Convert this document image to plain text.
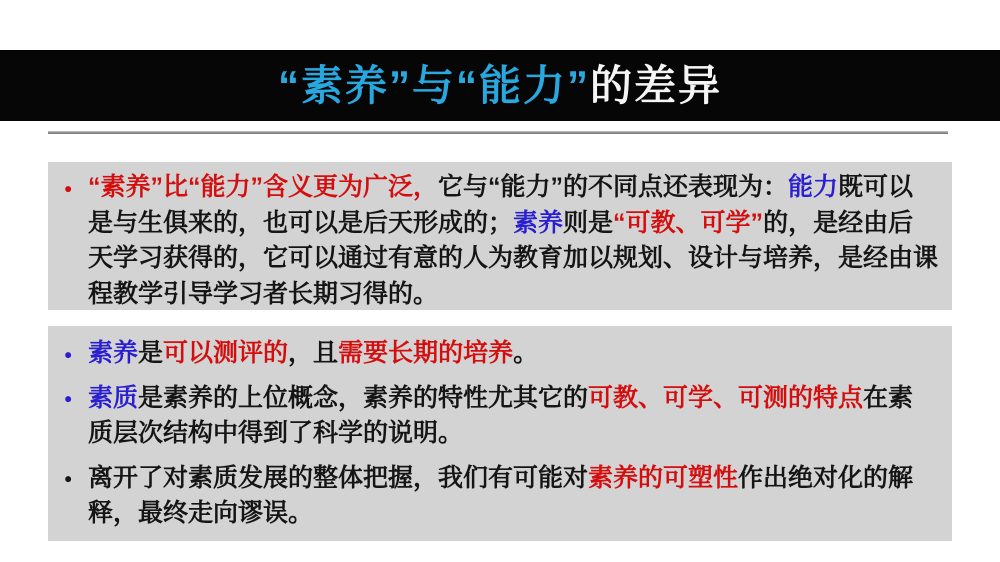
“素养”与“能力”的差异

● “素养”比“能力”含义更为广泛，它与“能力”的不同点还表现为：能力既可以是与生俱来的，也可以是后天形成的；素养则是“可教、可学”的，是经由后天学习获得的，它可以通过有意的人为教育加以规划、设计与培养，是经由课程教学引导学习者长期习得的。

● 素养是可以测评的，且需要长期的培养。

● 素质是素养的上位概念，素养的特性尤其它的可教、可学、可测的特点在素质层次结构中得到了科学的说明。

● 离开了对素质发展的整体把握，我们有可能对素养的可塑性作出绝对化的解释，最终走向谬误。
